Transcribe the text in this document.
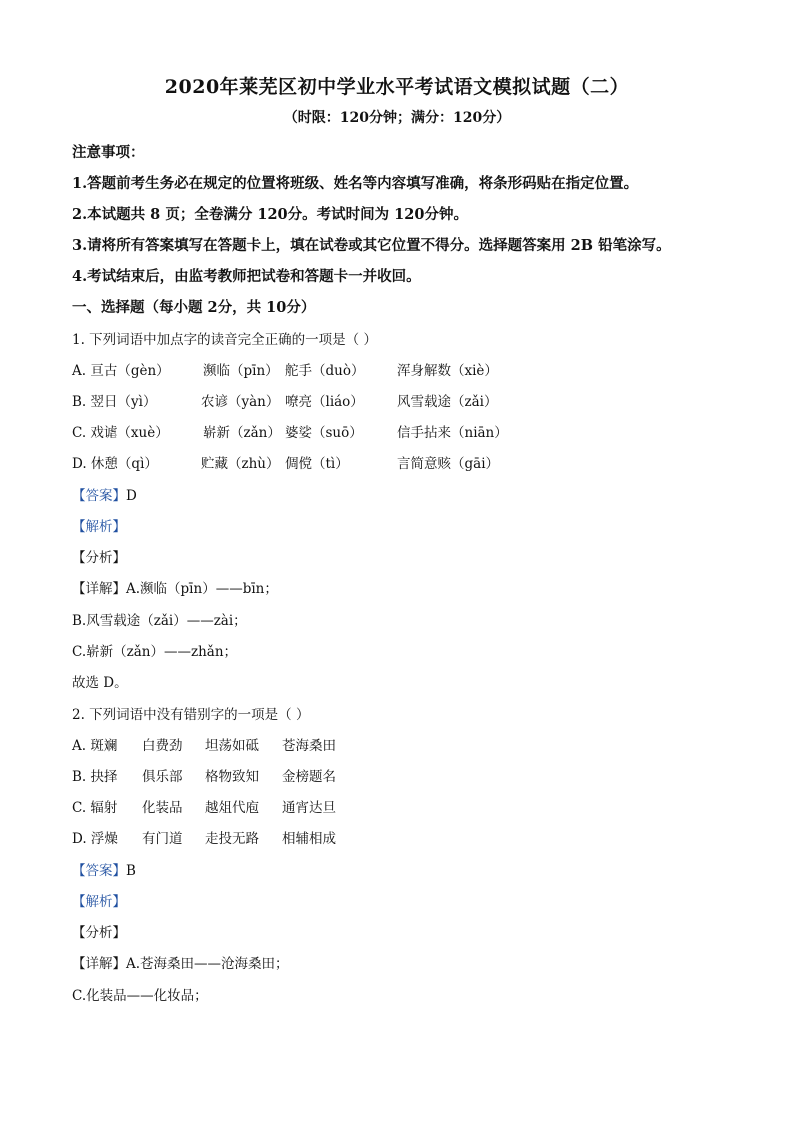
2020年莱芜区初中学业水平考试语文模拟试题（二）
（时限：120分钟；满分：120分）
注意事项：
1.答题前考生务必在规定的位置将班级、姓名等内容填写准确，将条形码贴在指定位置。
2.本试题共 8 页；全卷满分 120分。考试时间为 120分钟。
3.请将所有答案填写在答题卡上，填在试卷或其它位置不得分。选择题答案用 2B 铅笔涂写。
4.考试结束后，由监考教师把试卷和答题卡一并收回。
一、选择题（每小题 2分，共 10分）
1. 下列词语中加点字的读音完全正确的一项是（ ）
A. 亘古（gèn） 濒临（pīn） 舵手（duò） 浑身解数（xiè）
B. 翌日（yì）	农谚（yàn） 嘹亮（liáo） 风雪载途（zǎi）
C. 戏谑（xuè）	崭新（zǎn） 婆娑（suō）	信手拈来（niān）
D. 休憩（qì）	贮藏（zhù） 倜傥（tì）	言简意赅（gāi）
【答案】D
【解析】
【分析】
【详解】A.濒临（pīn）——bīn；
B.风雪载途（zǎi）——zài；
C.崭新（zǎn）——zhǎn；
故选 D。
2. 下列词语中没有错别字的一项是（ ）
A. 斑斓 白费劲 坦荡如砥 苍海桑田
B. 抉择 俱乐部 格物致知 金榜题名
C. 辐射 化装品 越俎代庖 通宵达旦
D. 浮燥 有门道 走投无路 相辅相成
【答案】B
【解析】
【分析】
【详解】A.苍海桑田——沧海桑田；
C.化装品——化妆品；
